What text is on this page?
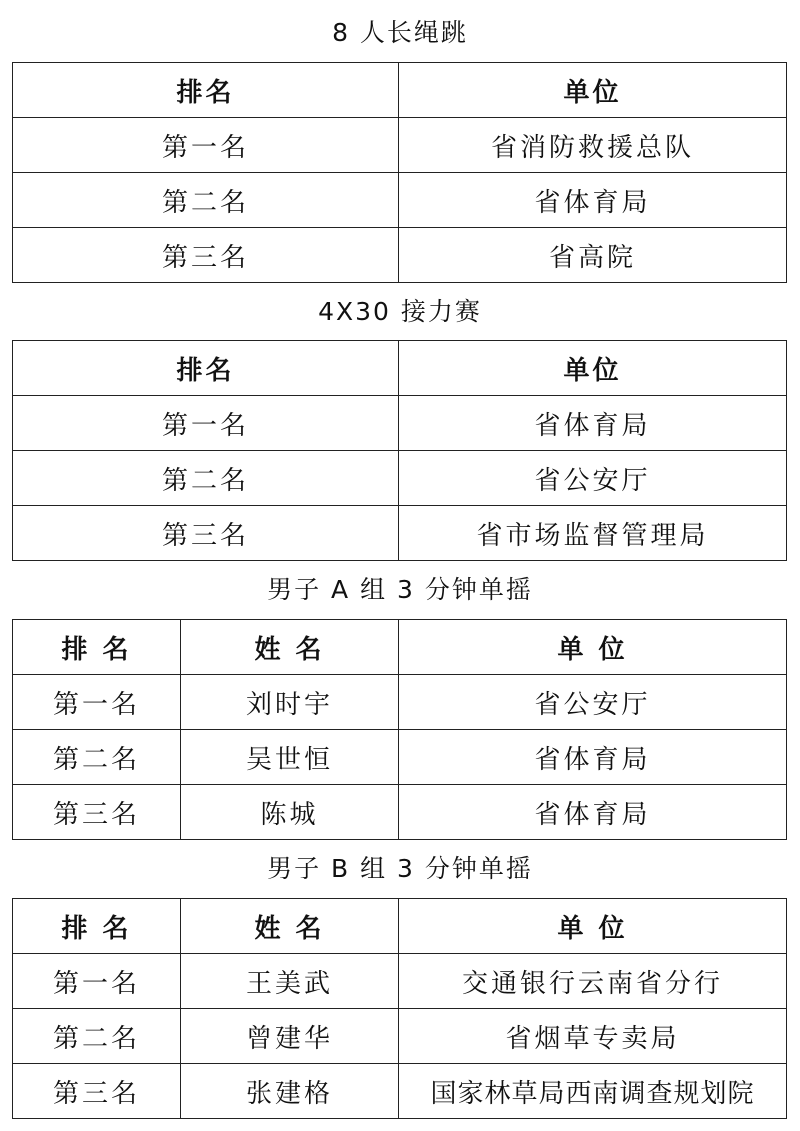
8 人长绳跳
排名	单位
第一名	省消防救援总队
第二名	省体育局
第三名	省高院
4X30 接力赛
排名	单位
第一名	省体育局
第二名	省公安厅
第三名	省市场监督管理局
男子 A 组 3 分钟单摇
排 名	姓 名	单 位
第一名	刘时宇	省公安厅
第二名	吴世恒	省体育局
第三名	陈城	省体育局
男子 B 组 3 分钟单摇
排 名	姓 名	单 位
第一名	王美武	交通银行云南省分行
第二名	曾建华	省烟草专卖局
第三名	张建格	国家林草局西南调查规划院
